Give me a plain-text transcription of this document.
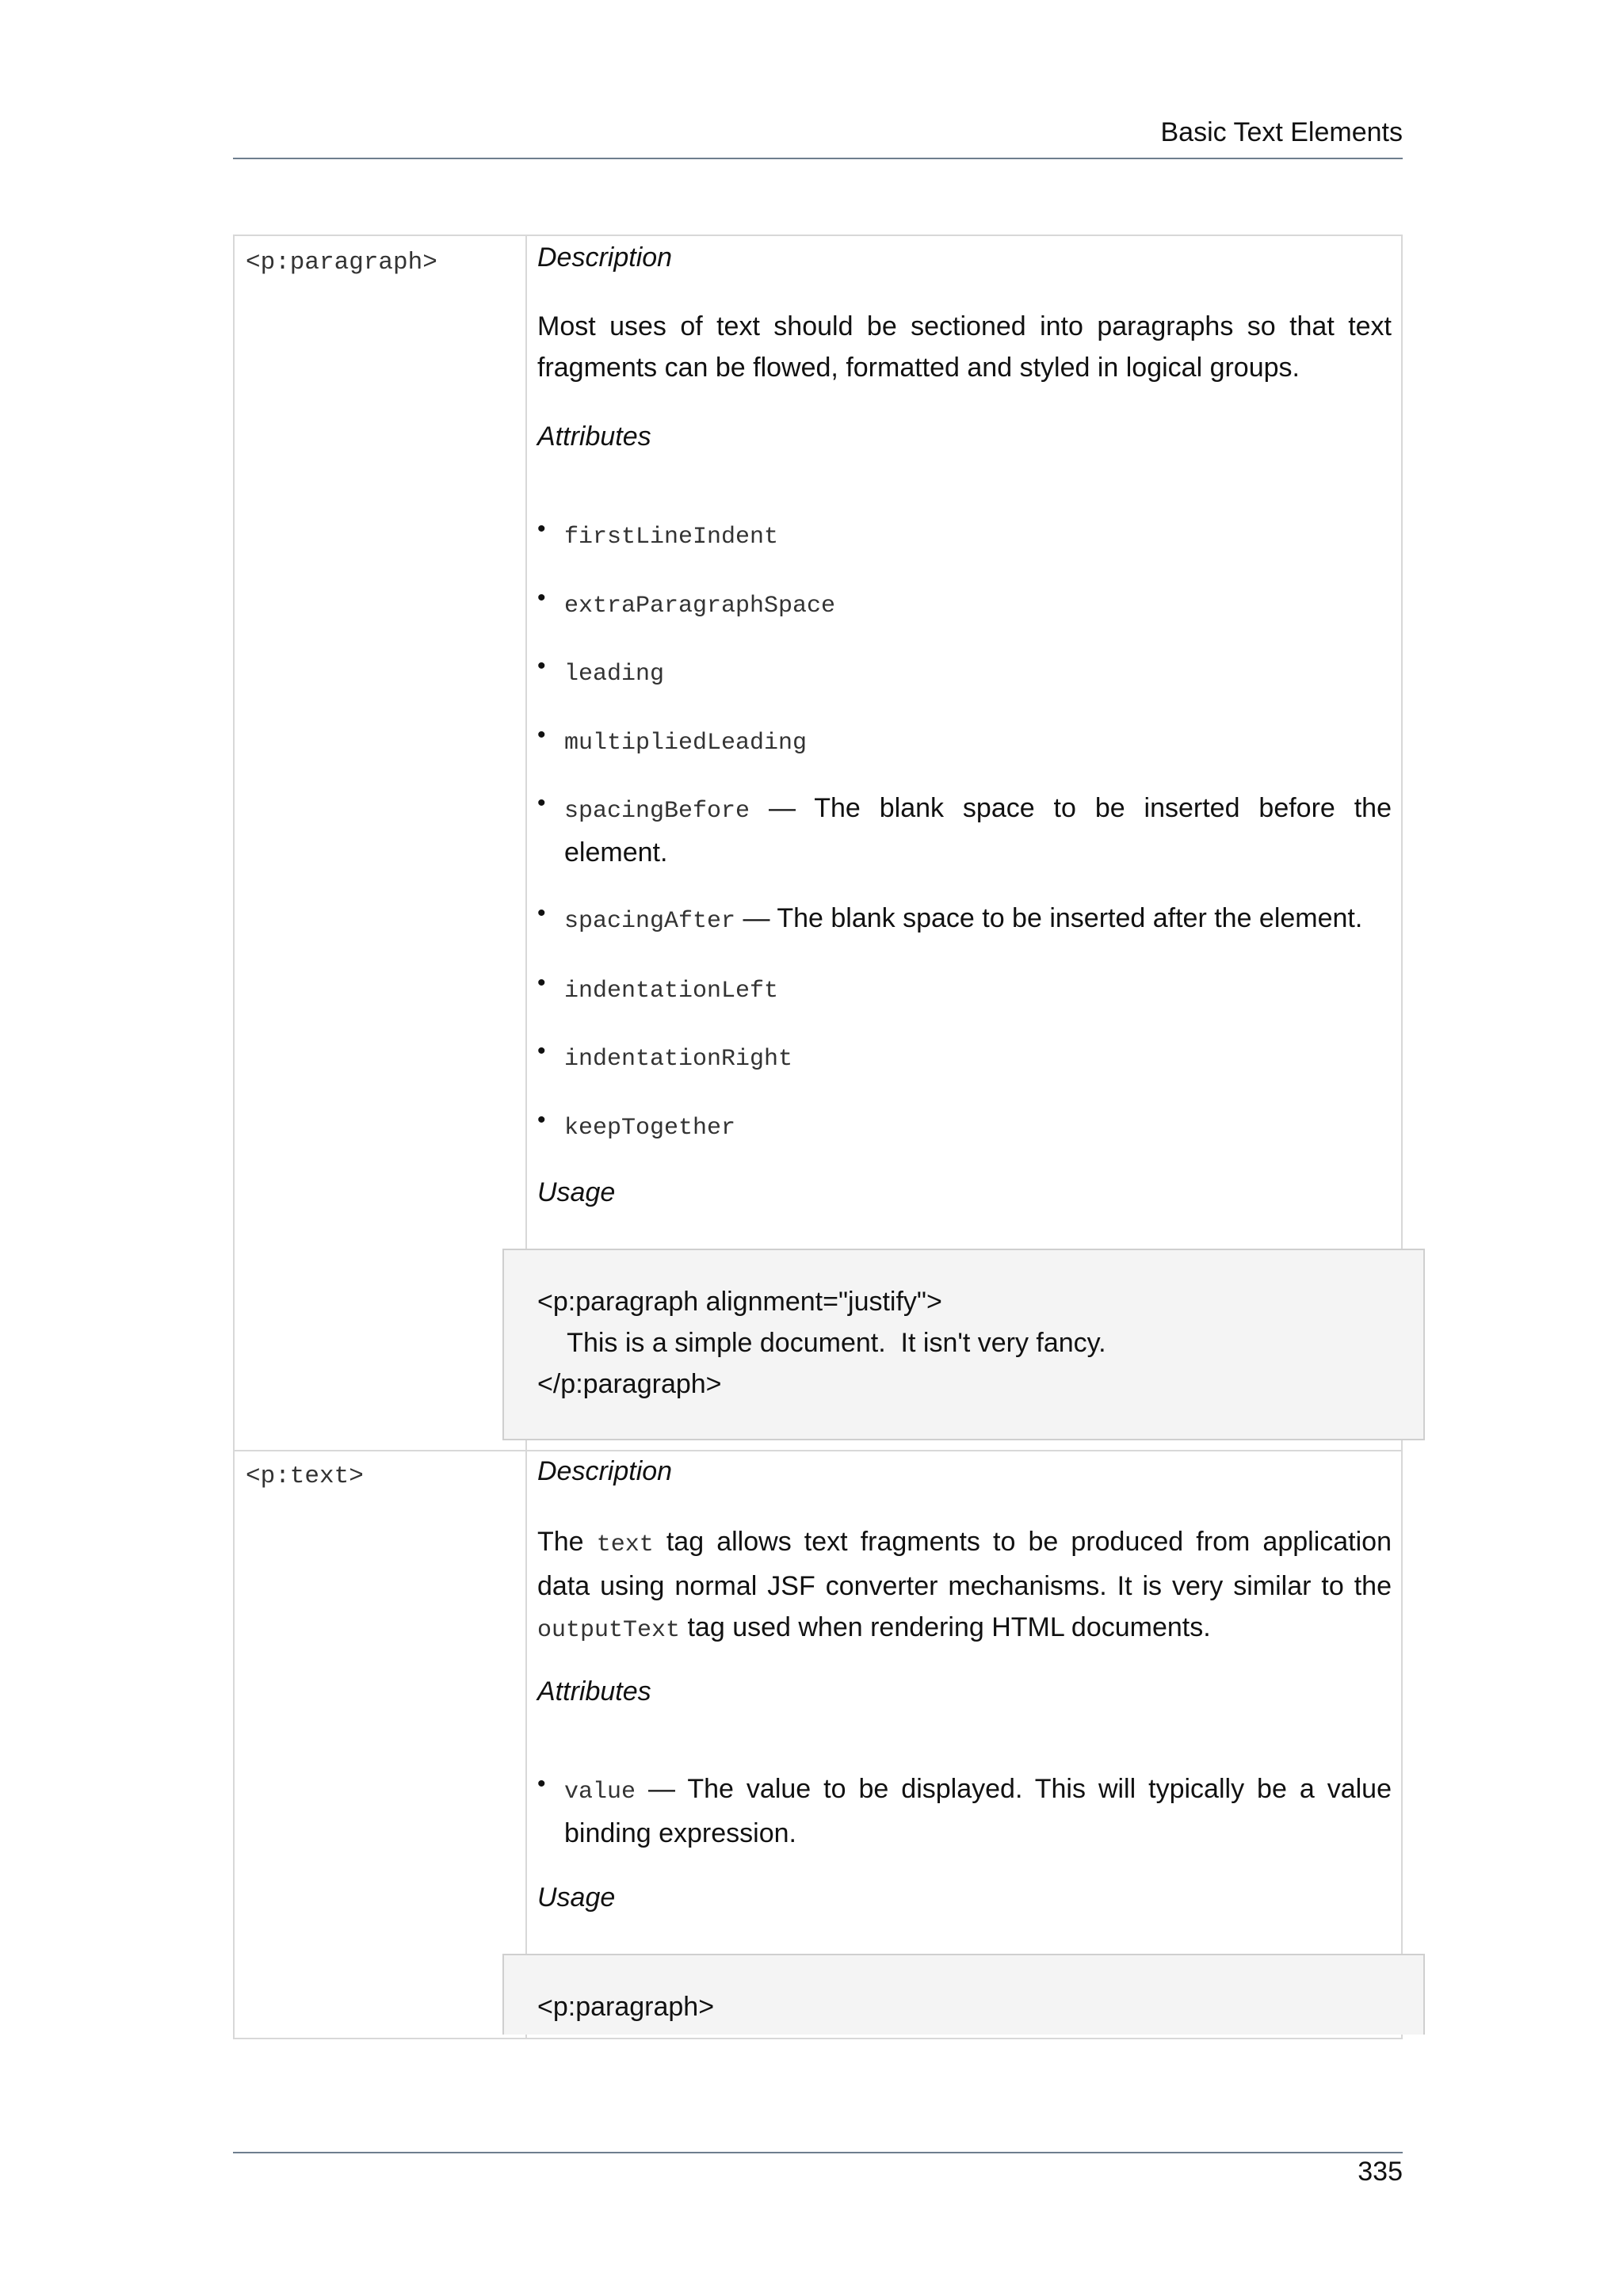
Basic Text Elements
<p:paragraph>
<p:text>
Description

Most uses of text should be sectioned into paragraphs so that text fragments can be flowed, formatted and styled in logical groups.

Attributes
• firstLineIndent
• extraParagraphSpace
• leading
• multipliedLeading
• spacingBefore — The blank space to be inserted before the element.
• spacingAfter — The blank space to be inserted after the element.
• indentationLeft
• indentationRight
• keepTogether
Usage
<p:paragraph alignment="justify">
This is a simple document.  It isn't very fancy.
</p:paragraph>
Description

The text tag allows text fragments to be produced from application data using normal JSF converter mechanisms. It is very similar to the outputText tag used when rendering HTML documents.

Attributes
• value — The value to be displayed. This will typically be a value binding expression.
Usage
<p:paragraph>
335
